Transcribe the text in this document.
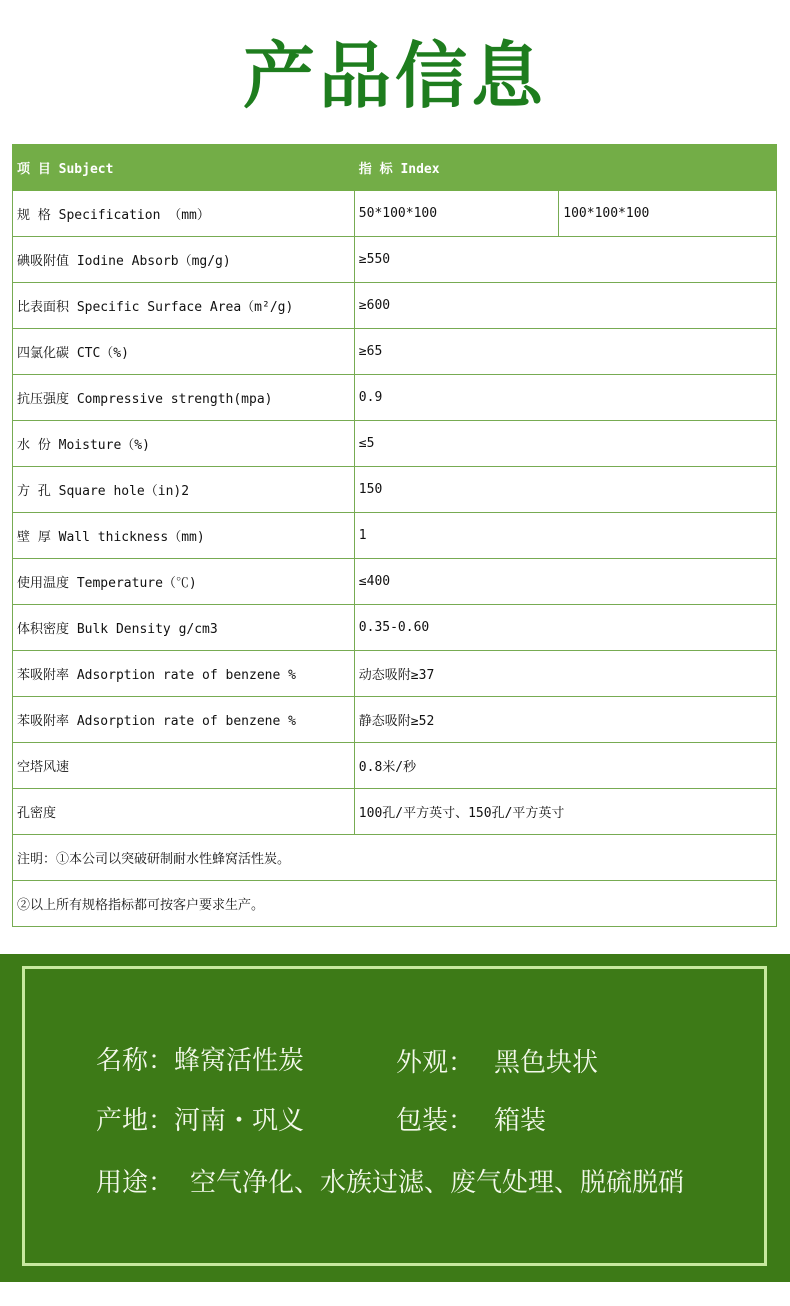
产品信息
项 目 Subject	指 标 Index	
规 格 Specification （mm）	50*100*100	100*100*100
碘吸附值 Iodine Absorb（mg/g)	≥550	
比表面积 Specific Surface Area（m²/g)	≥600	
四氯化碳 CTC（%)	≥65	
抗压强度 Compressive strength(mpa)	0.9	
水 份 Moisture（%)	≤5	
方 孔 Square hole（in)2	150	
壁 厚 Wall thickness（mm)	1	
使用温度 Temperature（℃)	≤400	
体积密度 Bulk Density g/cm3	0.35-0.60	
苯吸附率 Adsorption rate of benzene %	动态吸附≥37	
苯吸附率 Adsorption rate of benzene %	静态吸附≥52	
空塔风速	0.8米/秒	
孔密度	100孔/平方英寸、150孔/平方英寸	
注明：①本公司以突破研制耐水性蜂窝活性炭。		
②以上所有规格指标都可按客户要求生产。		
名称：蜂窝活性炭	外观： 黑色块状
产地：河南・巩义	包装： 箱装
用途： 空气净化、水族过滤、废气处理、脱硫脱硝
